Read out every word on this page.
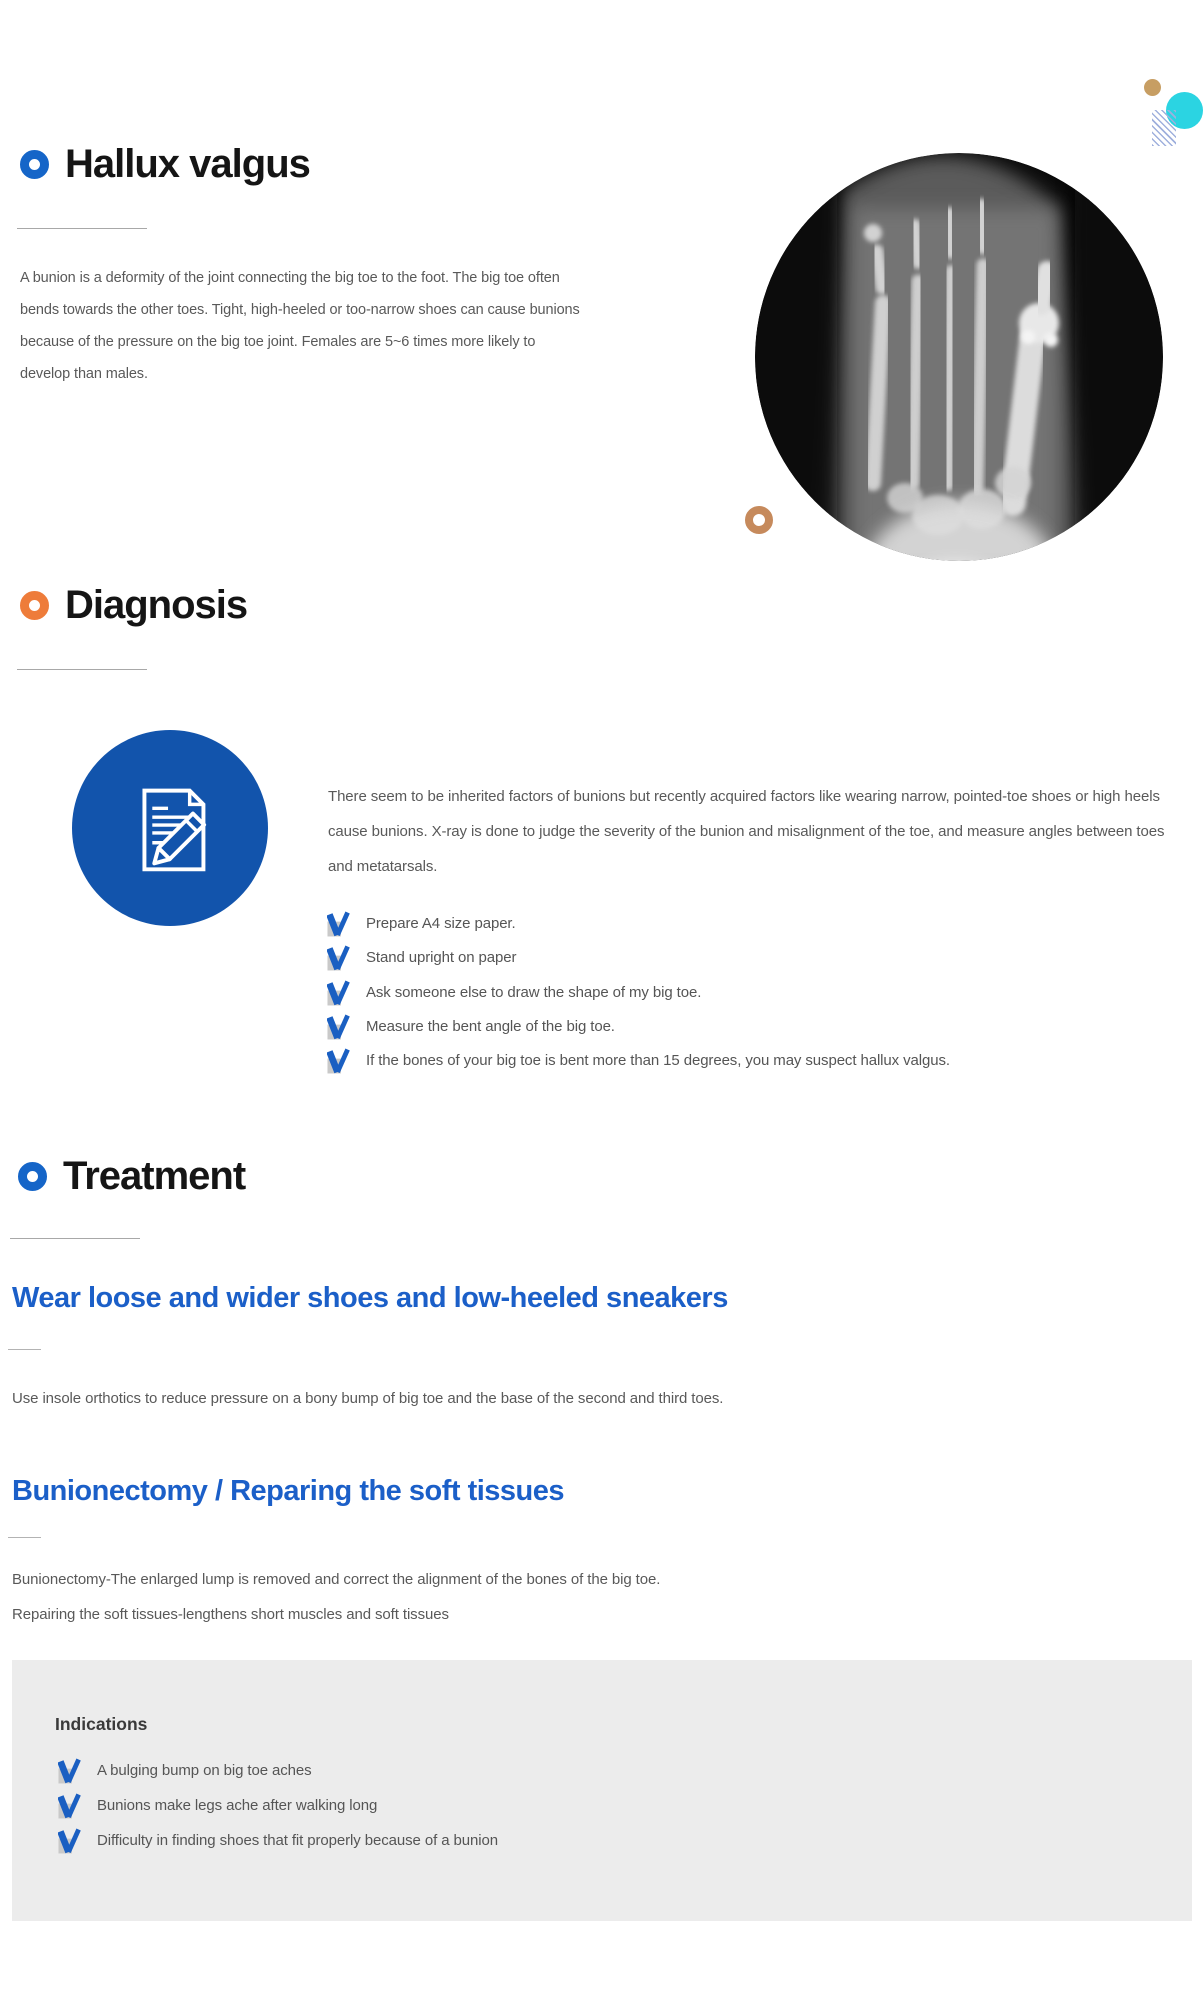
Hallux valgus
A bunion is a deformity of the joint connecting the big toe to the foot. The big toe often bends towards the other toes. Tight, high-heeled or too-narrow shoes can cause bunions because of the pressure on the big toe joint. Females are 5~6 times more likely to develop than males.
Diagnosis
There seem to be inherited factors of bunions but recently acquired factors like wearing narrow, pointed-toe shoes or high heels cause bunions. X-ray is done to judge the severity of the bunion and misalignment of the toe, and measure angles between toes and metatarsals.
Prepare A4 size paper.
Stand upright on paper
Ask someone else to draw the shape of my big toe.
Measure the bent angle of the big toe.
If the bones of your big toe is bent more than 15 degrees, you may suspect hallux valgus.
Treatment
Wear loose and wider shoes and low-heeled sneakers
Use insole orthotics to reduce pressure on a bony bump of big toe and the base of the second and third toes.
Bunionectomy / Reparing the soft tissues
Bunionectomy-The enlarged lump is removed and correct the alignment of the bones of the big toe.
Repairing the soft tissues-lengthens short muscles and soft tissues
Indications
A bulging bump on big toe aches
Bunions make legs ache after walking long
Difficulty in finding shoes that fit properly because of a bunion
